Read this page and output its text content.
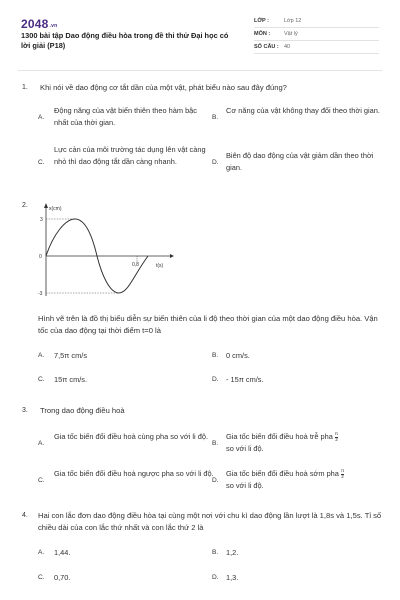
$2048_{.vn}$
1300 bài tập Dao động điều hòa trong đề thi thử Đại học có lời giải (P18)
LỚP :	Lớp 12
MÔN :	Vật lý
SỐ CÂU : 40
1. Khi nói về dao động cơ tắt dần của một vật, phát biểu nào sau đây đúng?
A.
Động năng của vật biến thiên theo hàm bậc nhất của thời gian.
B.
Cơ năng của vật không thay đổi theo thời gian.
C.
Lực cản của môi trường tác dụng lên vật càng nhỏ thì dao động tắt dần càng nhanh.	D.
Biên độ dao động của vật giảm dần theo thời gian.
2.	x(cm)
t(s)
3
0
-3
0,8
Hình vẽ trên là đồ thị biểu diễn sự biến thiên của li độ theo thời gian của một dao động điều hòa. Vận tốc của dao động tại thời điểm t=0 là
A. 7,5π cm/s	B. 0 cm/s.
C. 15π cm/s.	D. - 15π cm/s.
3. Trong dao động điều hoà
A.
Gia tốc biến đổi điều hoà cùng pha so với li độ.
B.
Gia tốc biến đổi điều hoà trễ pha $\frac{\pi}{2}$

so với li độ.
C.
Gia tốc biến đổi điều hoà ngược pha so với li độ.
D.
Gia tốc biến đổi điều hoà sớm pha $\frac{\pi}{2}$

so với li độ.
4. Hai con lắc đơn dao động điều hòa tại cùng một nơi với chu kì dao động lần lượt là 1,8s và 1,5s. Tỉ số chiều dài của con lắc thứ nhất và con lắc thứ 2 là
A. 1,44.	B. 1,2.
C. 0,70.	D. 1,3.
